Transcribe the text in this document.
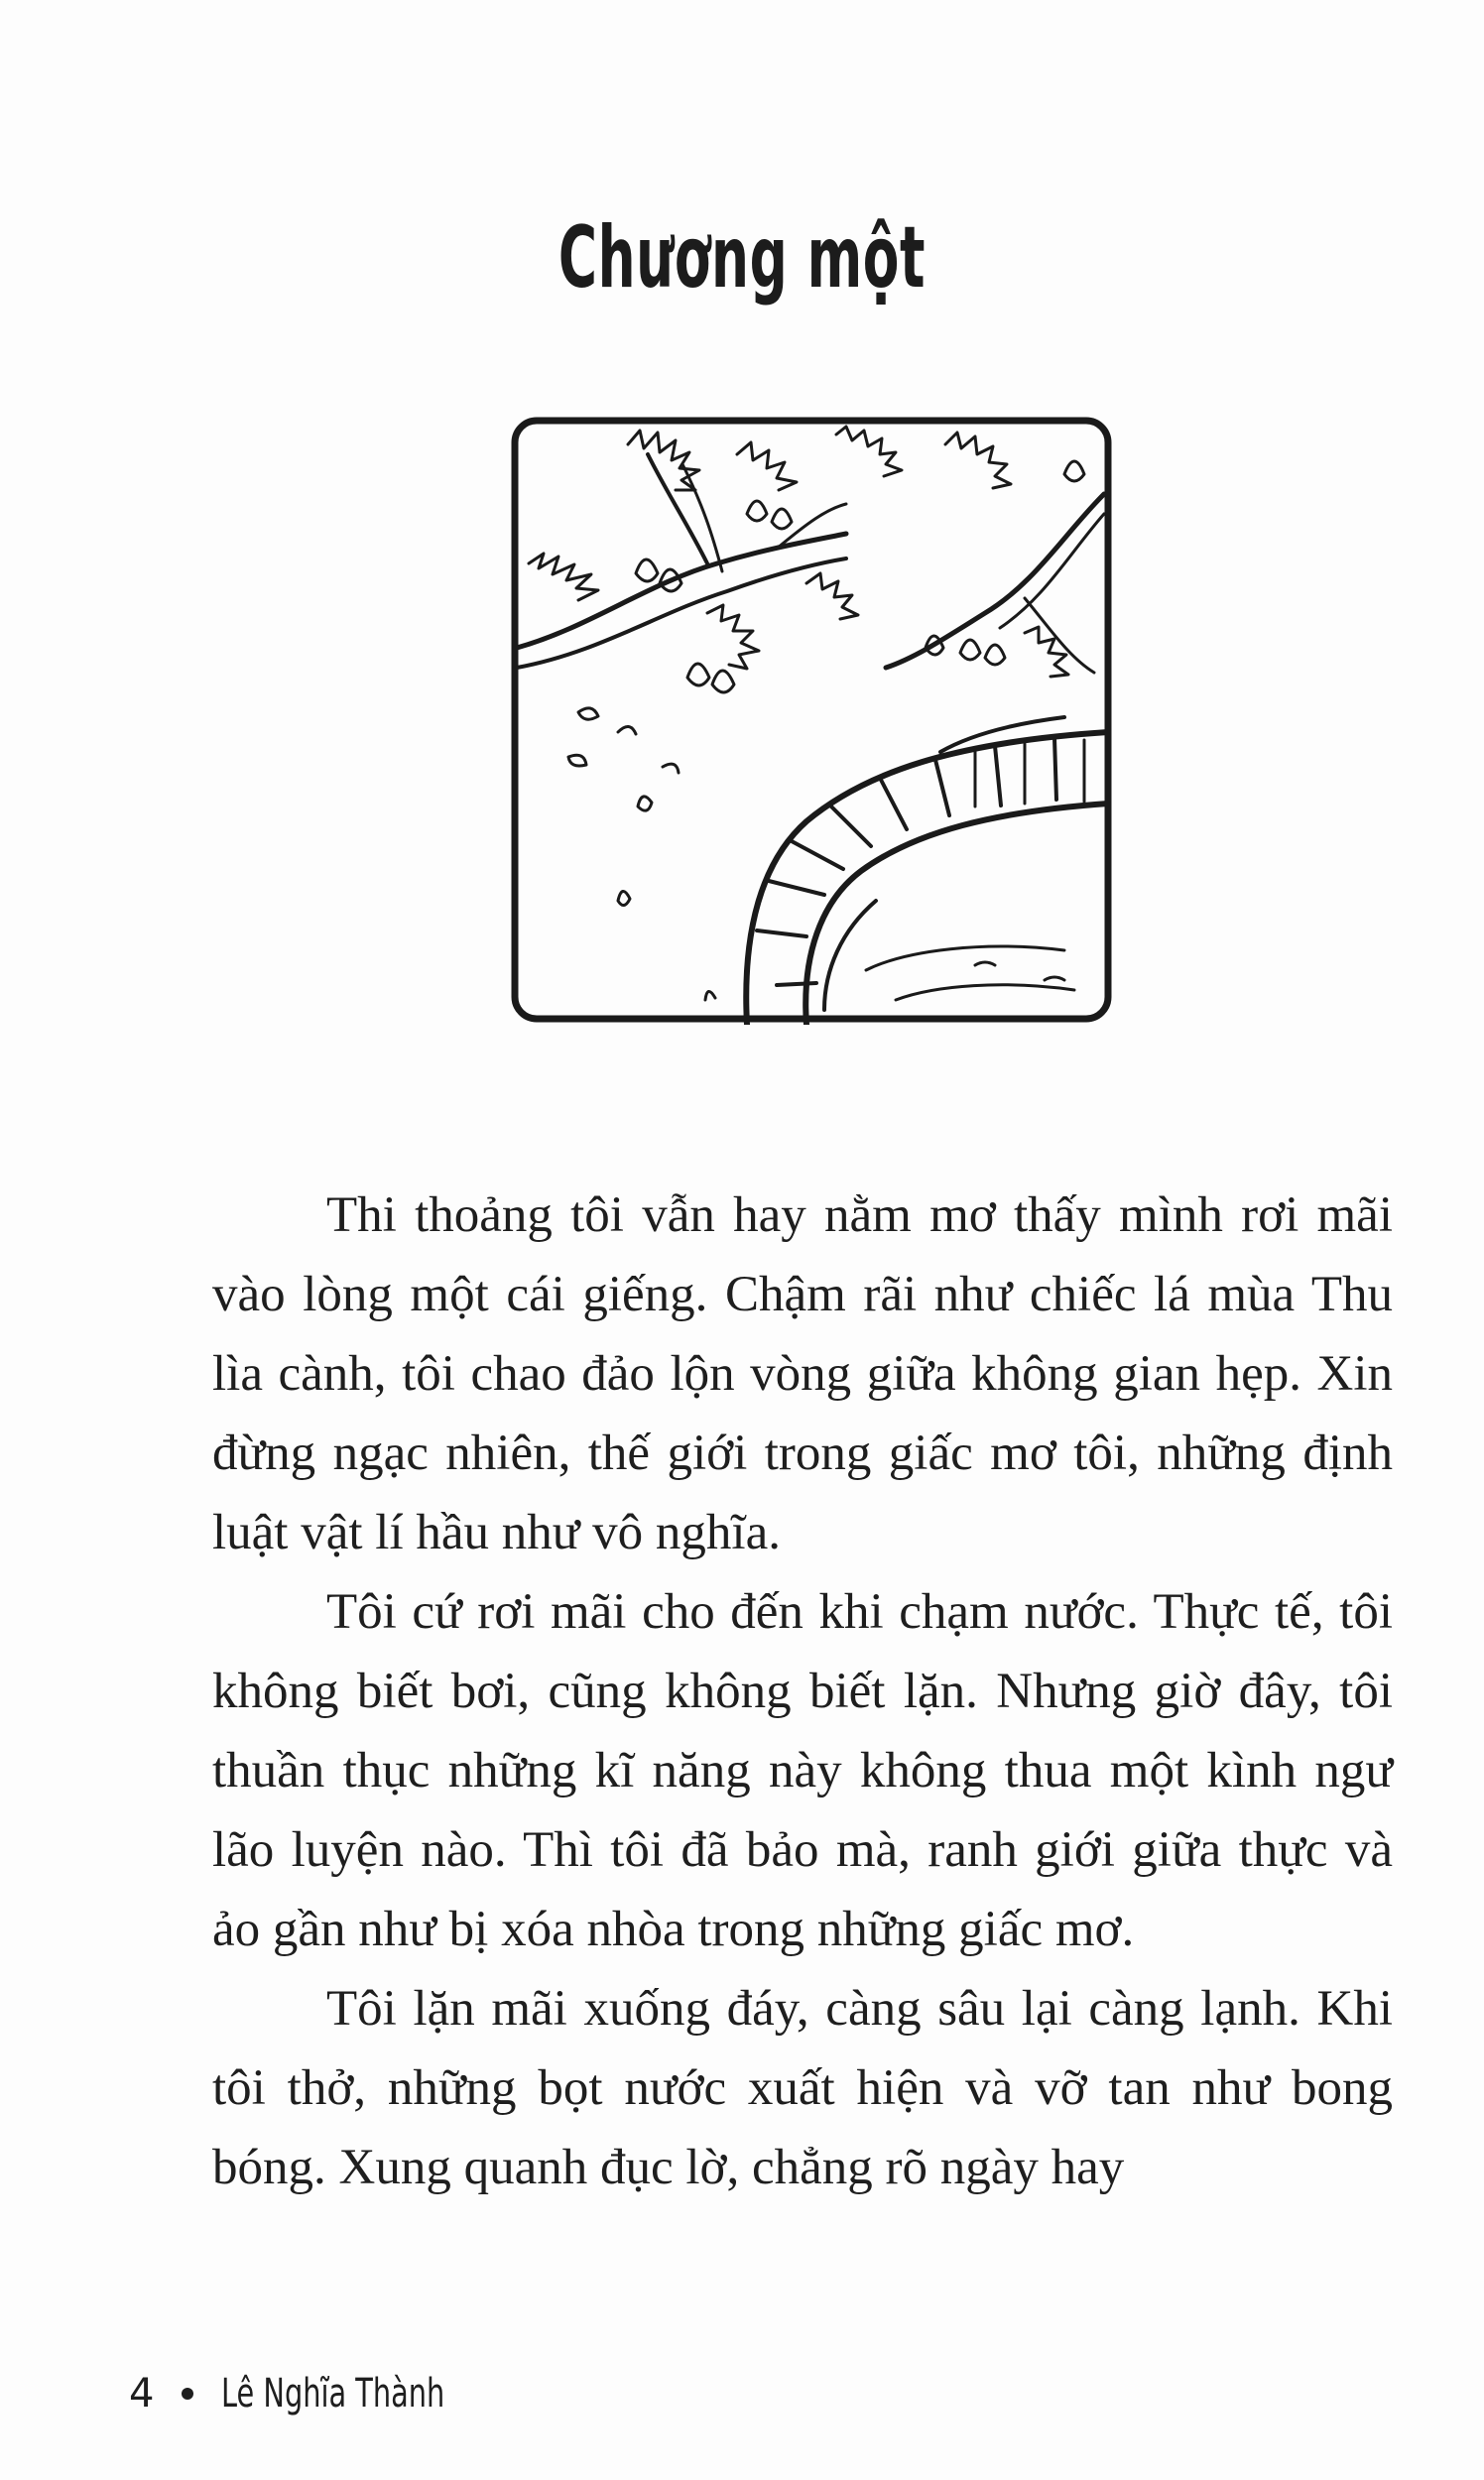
Chương một

Thi thoảng tôi vẫn hay nằm mơ thấy mình rơi mãi vào lòng một cái giếng. Chậm rãi như chiếc lá mùa Thu lìa cành, tôi chao đảo lộn vòng giữa không gian hẹp. Xin đừng ngạc nhiên, thế giới trong giấc mơ tôi, những định luật vật lí hầu như vô nghĩa.

Tôi cứ rơi mãi cho đến khi chạm nước. Thực tế, tôi không biết bơi, cũng không biết lặn. Nhưng giờ đây, tôi thuần thục những kĩ năng này không thua một kình ngư lão luyện nào. Thì tôi đã bảo mà, ranh giới giữa thực và ảo gần như bị xóa nhòa trong những giấc mơ.

Tôi lặn mãi xuống đáy, càng sâu lại càng lạnh. Khi tôi thở, những bọt nước xuất hiện và vỡ tan như bong bóng. Xung quanh đục lờ, chẳng rõ ngày hay

4 Lê Nghĩa Thành
